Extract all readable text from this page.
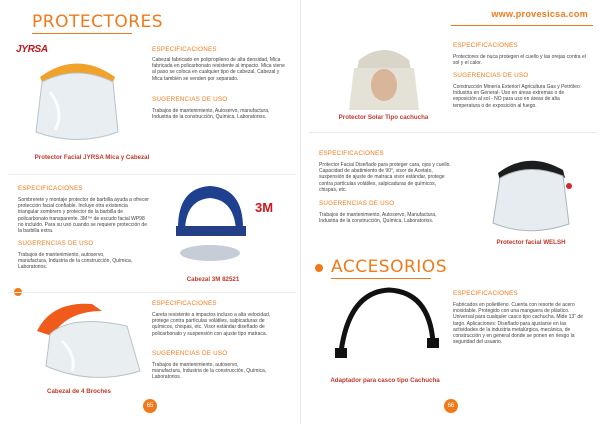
PROTECTORES
JYRSA
Protector Facial JYRSA Mica y Cabezal
ESPECIFICACIONES
Cabezal fabricado en polipropileno de alta densidad, Mica fabricada en policarbonato resistente al impacto. Mica viene al paso se coloca en cualquier tipo de cabezal, Cabezal y Mica también se venden por separado.
SUGERENCIAS DE USO
Trabajos de mantenimiento, Autoservo, manufactura, Industria de la construcción, Química, Laboratorios.
ESPECIFICACIONES
Sombrerete y montaje protector de barbilla ayuda a ofrecer protección facial confiable. Incluye otra existencia triangular sombrero y protector de la barbilla de policarbonato transparente. 3M™ de escudo facial WP98 no incluido. Para su uso cuando se requiere protección de la barbilla extra.
SUGERENCIAS DE USO
Trabajos de mantenimiento, autoservo, manufactura, Industria de la construcción, Química, Laboratorios.
3M
Cabezal 3M 82521
Cabezal de 4 Broches
ESPECIFICACIONES
Careta resistente a impactos incluso a alta velocidad, protege contra partículas volátiles, salpicaduras de químicos, chispas, etc. Visor estándar diseñado de policarbonato y suspensión con ajuste tipo matraca.
SUGERENCIAS DE USO
Trabajos de mantenimiento, autoservo, manufactura, Industria de la construcción, Química, Laboratorios.
65
www.provesicsa.com
Protector Solar Tipo cachucha
ESPECIFICACIONES
Protectores de nuca protegen el cuello y las orejas contra el sol y el calor.
SUGERENCIAS DE USO
Construcción Minería Exterior/ Agricultura Gas y Petróleo Industria en General- Uso en áreas extremas o de exposición al sol - NO para uso en áreas de alta temperatura o de exposición al fuego.
ESPECIFICACIONES
Protector Facial Diseñado para proteger cara, ojos y cuello. Capacidad de abatimiento de 90°, visor de Acetato, suspensión de ajuste de matraca visor estándar, protege contra partículas volátiles, salpicaduras de químicos, chispas, etc.
SUGERENCIAS DE USO
Trabajos de mantenimiento, Autoservo, Manufactura, Industria de la construcción, Química, Laboratorios.
Protector facial WELSH
ACCESORIOS
Adaptador para casco tipo Cachucha
ESPECIFICACIONES
Fabricados en polietileno. Cuenta con resorte de acero inoxidable. Protegido con una manguera de plástico. Universal para cualquier casco tipo cachucha. Mide 13" de largo. Aplicaciones: Diseñado para ajustarse en las actividades de la industria metalúrgica, mecánica, de construcción y en general donde se ponen en riesgo la seguridad del usuario.
66
